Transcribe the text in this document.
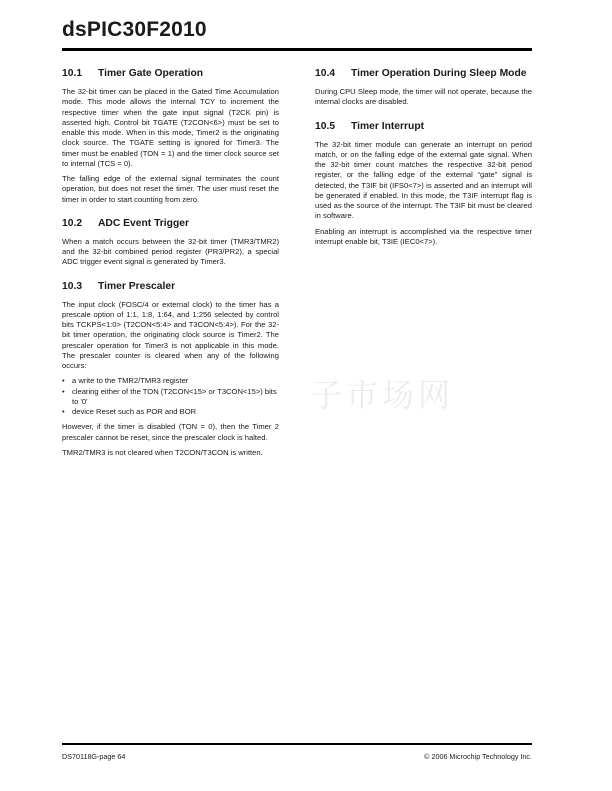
dsPIC30F2010
10.1	Timer Gate Operation

The 32-bit timer can be placed in the Gated Time Accumulation mode. This mode allows the internal TCY to increment the respective timer when the gate input signal (T2CK pin) is asserted high. Control bit TGATE (T2CON<6>) must be set to enable this mode. When in this mode, Timer2 is the originating clock source. The TGATE setting is ignored for Timer3. The timer must be enabled (TON = 1) and the timer clock source set to internal (TCS = 0).

The falling edge of the external signal terminates the count operation, but does not reset the timer. The user must reset the timer in order to start counting from zero.

10.2	ADC Event Trigger

When a match occurs between the 32-bit timer (TMR3/TMR2) and the 32-bit combined period register (PR3/PR2), a special ADC trigger event signal is generated by Timer3.

10.3	Timer Prescaler

The input clock (FOSC/4 or external clock) to the timer has a prescale option of 1:1, 1:8, 1:64, and 1:256 selected by control bits TCKPS<1:0> (T2CON<5:4> and T3CON<5:4>). For the 32-bit timer operation, the originating clock source is Timer2. The prescaler operation for Timer3 is not applicable in this mode. The prescaler counter is cleared when any of the following occurs:

• a write to the TMR2/TMR3 register
• clearing either of the TON (T2CON<15> or T3CON<15>) bits to '0'
• device Reset such as POR and BOR

However, if the timer is disabled (TON = 0), then the Timer 2 prescaler cannot be reset, since the prescaler clock is halted.

TMR2/TMR3 is not cleared when T2CON/T3CON is written.

10.4	Timer Operation During Sleep Mode

During CPU Sleep mode, the timer will not operate, because the internal clocks are disabled.

10.5	Timer Interrupt

The 32-bit timer module can generate an interrupt on period match, or on the falling edge of the external gate signal. When the 32-bit timer count matches the respective 32-bit period register, or the falling edge of the external “gate” signal is detected, the T3IF bit (IFS0<7>) is asserted and an interrupt will be generated if enabled. In this mode, the T3IF interrupt flag is used as the source of the interrupt. The T3IF bit must be cleared in software.

Enabling an interrupt is accomplished via the respective timer interrupt enable bit, T3IE (IEC0<7>).

子市场网
DS70118G-page 64	© 2006 Microchip Technology Inc.
